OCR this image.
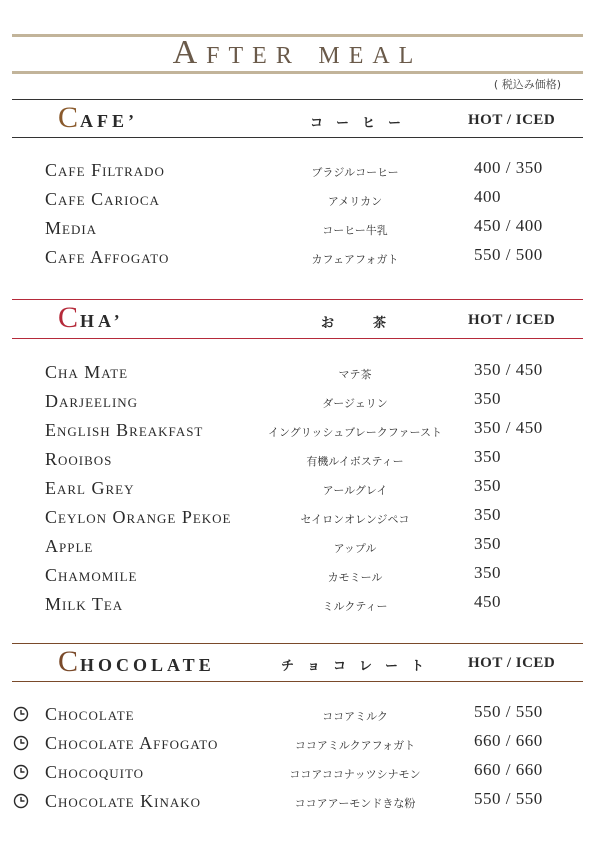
After meal
( 税込み価格)
CAFE’	コ　ー　ヒ　ー	HOT / ICED
Cafe Filtrado	ブラジルコーヒー	400 / 350
Cafe Carioca	アメリカン	400
Media	コーヒー牛乳	450 / 400
Cafe Affogato	カフェアフォガト	550 / 500
CHA’	お　　　茶	HOT / ICED
Cha Mate	マテ茶	350 / 450
Darjeeling	ダージェリン	350
English Breakfast	イングリッシュブレークファースト	350 / 450
Rooibos	有機ルイボスティー	350
Earl Grey	アールグレイ	350
Ceylon Orange Pekoe	セイロンオレンジペコ	350
Apple	アップル	350
Chamomile	カモミール	350
Milk Tea	ミルクティー	450
CHOCOLATE	チ　ョ　コ　レ　ー　ト	HOT / ICED
Chocolate	ココアミルク	550 / 550
Chocolate Affogato	ココアミルクアフォガト	660 / 660
Chocoquito	ココアココナッツシナモン	660 / 660
Chocolate Kinako	ココアアーモンドきな粉	550 / 550
